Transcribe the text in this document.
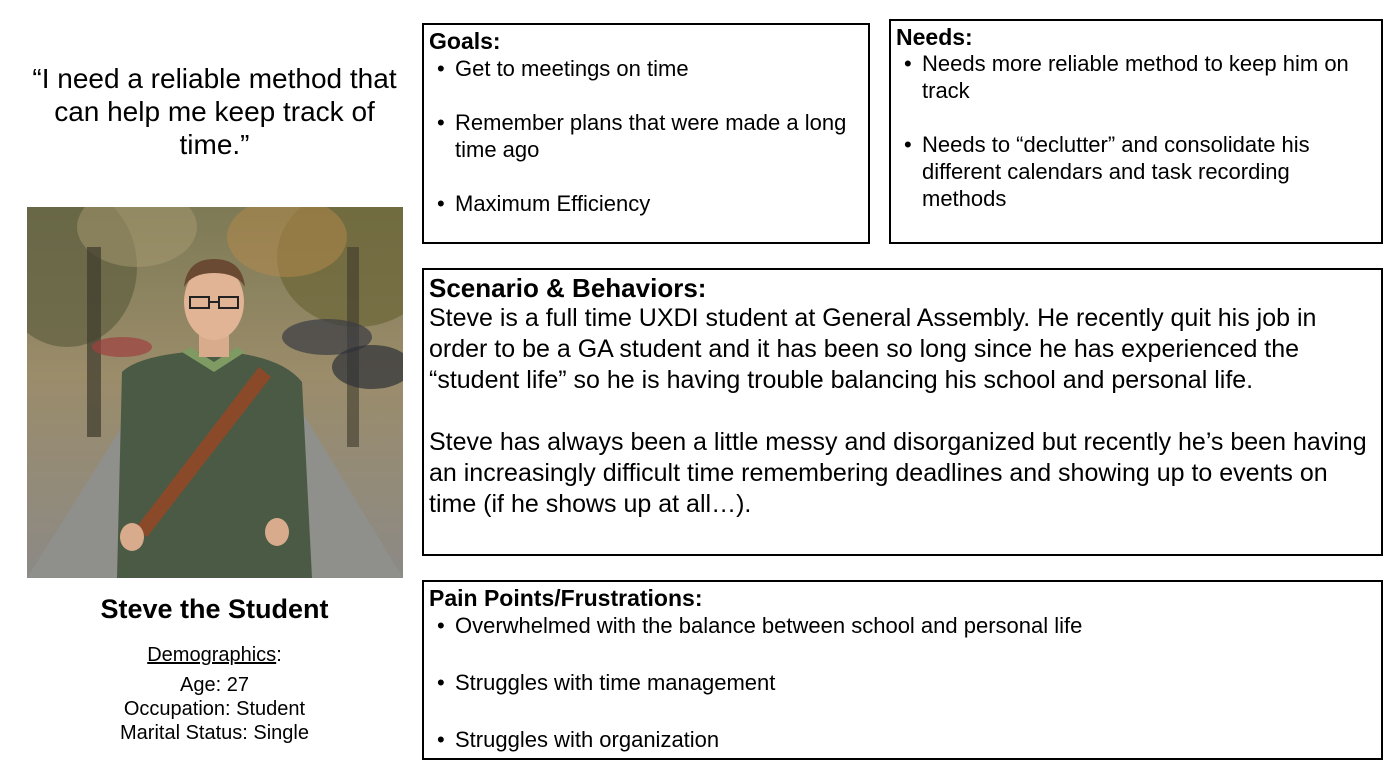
“I need a reliable method that can help me keep track of time.”
Steve the Student
Demographics:
Age: 27
Occupation: Student
Marital Status: Single
Goals:
• Get to meetings on time
• Remember plans that were made a long time ago
• Maximum Efficiency
Needs:
• Needs more reliable method to keep him on track
• Needs to “declutter” and consolidate his different calendars and task recording methods
Scenario & Behaviors:

Steve is a full time UXDI student at General Assembly. He recently quit his job in order to be a GA student and it has been so long since he has experienced the “student life” so he is having trouble balancing his school and personal life.

Steve has always been a little messy and disorganized but recently he’s been having an increasingly difficult time remembering deadlines and showing up to events on time (if he shows up at all…).

Pain Points/Frustrations:
• Overwhelmed with the balance between school and personal life
• Struggles with time management
• Struggles with organization
